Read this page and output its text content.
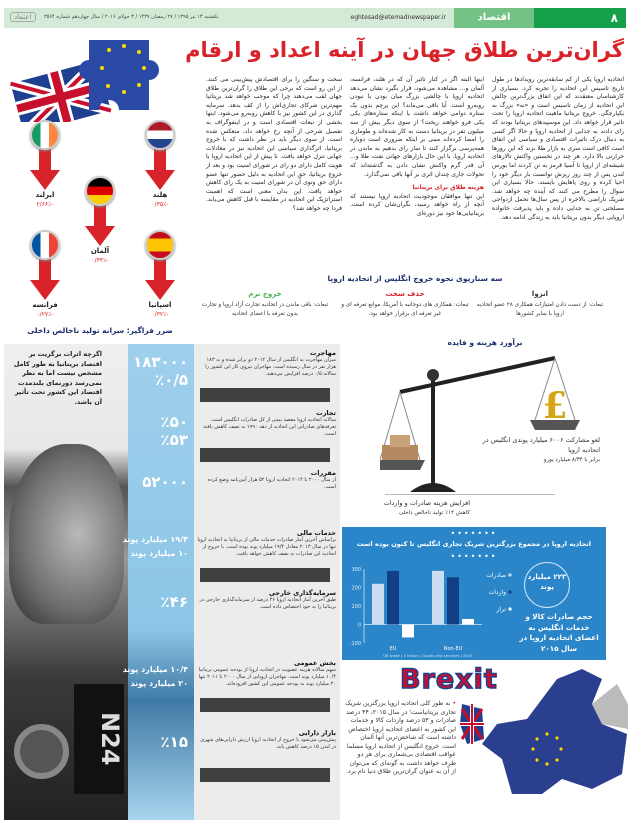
۸
اقتصاد
eghtesad@etemadnewspaper.ir
یکشنبه ۱۳ تیر ۱۳۹۵ / ۲۷ رمضان ۱۴۳۷ / ۳ جولای ۲۰۱۶ / سال چهاردهم شماره ۳۵۶۴
اعتماد
گران‌ترین طلاق جهان در آینه اعداد و ارقام
هلند
-۰/۳۵٪
ایرلند
-۲/۶۶٪
آلمان
-۰/۳۳٪
اسپانیا
-۰/۳۲٪
فرانسه
-۰/۲۷٪
ضرر فراگیر: سرانه تولید ناخالص داخلی
اتحادیه اروپا یکی از کم سابقه‌ترین رویدادها در طول تاریخ تاسیس این اتحادیه را تجربه کرد. بسیاری از کارشناسان معتقدند که این اتفاق بزرگ‌ترین چالش این اتحادیه از زمان تاسیس است و «نه» بزرگ به یکپارچگی. خروج بریتانیا ماهیت اتحادیه اروپا را تحت تاثیر قرار خواهد داد. این موسپیدهای بریتانیا بودند که رای دادند به جدایی از اتحادیه اروپا و حالا اگر کسی به دنبال درک تاثیرات اقتصادی و سیاسی این اتفاق است کافی است سری به بازار طلا بزند که این روزها حرارتی بالا دارد. هر چند در نخستین واکنش تالارهای شیشه‌ای از اروپا تا آسیا قرمز به تن کردند اما بورس لندن پس از چند روز ریزش توانست بار دیگر خود را احیا کرده و روی پاهایش بایستد. حالا بسیاری این سوال را مطرح می کنند که آینده چه خواهد شد. شریک ناراضی بالاخره از پس سال‌ها تحمل ازدواجی مصلحتی تن به جدایی داده و باید پذیرفت خانواده اروپایی دیگر بدون بریتانیا باید به زندگی ادامه دهد.
اینها البته اگر در کنار تاثیر آن که در هلند، فرانسه، آلمان و... مشاهده می‌شود، قرار بگیرد نشان می‌دهد اتحادیه اروپا با چالشی بزرگ میان بودن یا نبودن روبه‌رو است. آیا باقی می‌ماند؟ این پرچم بدون یک ستاره دوامی خواهد داشت یا اینکه ستاره‌های یکی یکی فرو خواهند ریخت؟ از سوی دیگر بیش از سه میلیون نفر در بریتانیا دست به کار شده‌اند و طوماری را امضا کرده‌اند مبنی بر اینکه ضروری است دوباره همه‌پرسی برگزار کنند تا ساز رای بدهیم به ماندن در اتحادیه اروپا. با این حال بازارهای جهانی نفت، طلا و... آن قدر گرم واکنش نشان دادن به گذشته‌اند که تحولات جاری چندان اثری بر آنها باقی نمی‌گذارد.
هزینه طلاق برای بریتانیا
این تنها موافقان موجودیت اتحادیه اروپا نیستند که آنچه از راه خواهد رسید، نگران‌شان کرده است. بریتانیایی‌ها خود نیز دوره‌ای
سخت و سنگین را برای اقتصادش پیش‌بینی می کنند. از این رو است که برخی این طلاق را گران‌ترین طلاق جهان لقب می‌دهند چرا که موجب خواهد شد بریتانیا مهم‌ترین شرکای تجاری‌اش را از کف بدهد. سرمایه گذاری در این کشور نیز با کاهش روبه‌رو می‌شود. اینها بخشی از تبعات اقتصادی است و در اینفوگراف به تفصیل شرحی از آنچه رخ خواهد داد، منعکس شده است. از سوی دیگر باید در نظر داشت که با خروج بریتانیا، اثرگذاری سیاسی این اتحادیه نیز در معادلات جهانی تنزل خواهد یافت. تا پیش از این اتحادیه اروپا با هویت کامل دارای دو رای در شورای امنیت بود و بعد از خروج بریتانیا، حق این اتحادیه به دلیل حضور تنها عضو دارای حق وتوی آن در شورای امنیت به یک رای کاهش خواهد یافت. این بدان معنی است که اهمیت استراتژیک این اتحادیه در مقایسه با قبل کاهش می‌یابد. فردا چه خواهد شد؟
سه سناریوی نحوه خروج انگلیس از اتحادیه اروپا
انزوا
تبعات: از دست دادن امتیازات همکاری ۲۸ عضو اتحادیه اروپا با سایر کشورها
حذف سخت
تبعات: همکاری های دوجانبه با آمریکا، موانع تعرفه ای و غیر تعرفه ای برقرار خواهد بود.
خروج نرم
تبعات: باقی ماندن در اتحادیه تجارت آزاد اروپا و تجارت بدون تعرفه با اعضای اتحادیه
N24
اگرچه اثرات برگزیت بر اقتصاد بریتانیا به طور کامل مشخص نیست اما به نظر نمی‌رسد دورنمای بلندمدت اقتصاد این کشور تحت تأثیر آن باشد.
مهاجرت
میزان مهاجرت به انگلیس از سال ۲۰۱۲ دو برابر شده و به ۱۸۳ هزار نفر در سال رسیده است. مهاجران نیروی کار این کشور را سالانه ۰/۵ درصد افزایش می‌دهند.
۱۸۳۰۰۰
٪۰/۵
تجارت
سالانه اتحادیه اروپا مقصد نیمی از کل صادرات انگلیس است. تعرفه‌های صادراتی این اتحادیه از دهه ۱۹۹۰ به نصف کاهش یافته است.
٪۵۰
٪۵۳
مقررات
از سال ۲۰۰۰ تا ۲۰۱۴ اتحادیه اروپا ۵۲ هزار آیین‌نامه وضع کرده است.
۵۲۰۰۰
خدمات مالی
براساس آخرین آمار صادرات خدمات مالی از بریتانیا به اتحادیه اروپا تنها در سال ۲۰۱۳ معادل ۱۹/۴ میلیارد پوند بوده است. با خروج از اتحادیه این صادرات به نصف کاهش خواهد یافت.
۱۹/۴ میلیارد پوند
۱۰ میلیارد پوند
سرمایه‌گذاری خارجی
طبق آخرین آمار اتحادیه اروپا ۴۶ درصد از سرمایه‌گذاری خارجی در بریتانیا را به خود اختصاص داده است.
٪۴۶
بخش عمومی
سهم سالانه هزینه عضویت در اتحادیه اروپا از بودجه عمومی بریتانیا ۱۰/۴ میلیارد پوند است. مهاجران اروپایی از سال ۲۰۰۰ تا ۲۰۱۱ تنها ۲۰ میلیارد پوند به بودجه عمومی این کشور افزوده‌اند.
۱۰/۴ میلیارد پوند
۲۰ میلیارد پوند
بازار دارایی
پیش‌بینی می‌شود با خروج از اتحادیه اروپا ارزش دارایی‌های شهری در لندن ۱۵ درصد کاهش یابد.
٪۱۵
برآورد هزینه و فایده
£
لغو مشارکت ۶۰۰۶ میلیارد پوندی انگلیس در اتحادیه اروپا
برابر با ۸/۳۴ میلیارد یورو
افزایش هزینه صادرات و واردات
کاهش ۱۴٪ تولید ناخالص داخلی
•••••••
اتحادیه اروپا در مجموع بزرگترین شریک تجاری انگلیس تا کنون بوده است
•••••••
300
200
100
0
-100
EU	Non-EU
UK trade | £ billion | Goods and services | 2015
صادرات
واردات
تراز
۲۲۳ میلیارد پوند
حجم صادرات کالا و خدمات انگلیس به اعضای اتحادیه اروپا در سال ۲۰۱۵
Brexit
• به طور کلی اتحادیه اروپا بزرگترین شریک تجاری بریتانیاست؛ در سال ۲۰۱۵، ۴۴ درصد صادرات و ۵۳ درصد واردات کالا و خدمات این کشور به اعضای اتحادیه اروپا اختصاص داشته است که شاخص‌ترین آنها آلمان است. خروج انگلیس از اتحادیه اروپا مسلما عواقب اقتصادی بی‌شماری برای هر دو طرف خواهد داشت به گونه‌ای که می‌توان از آن به عنوان گران‌ترین طلاق دنیا نام برد.
